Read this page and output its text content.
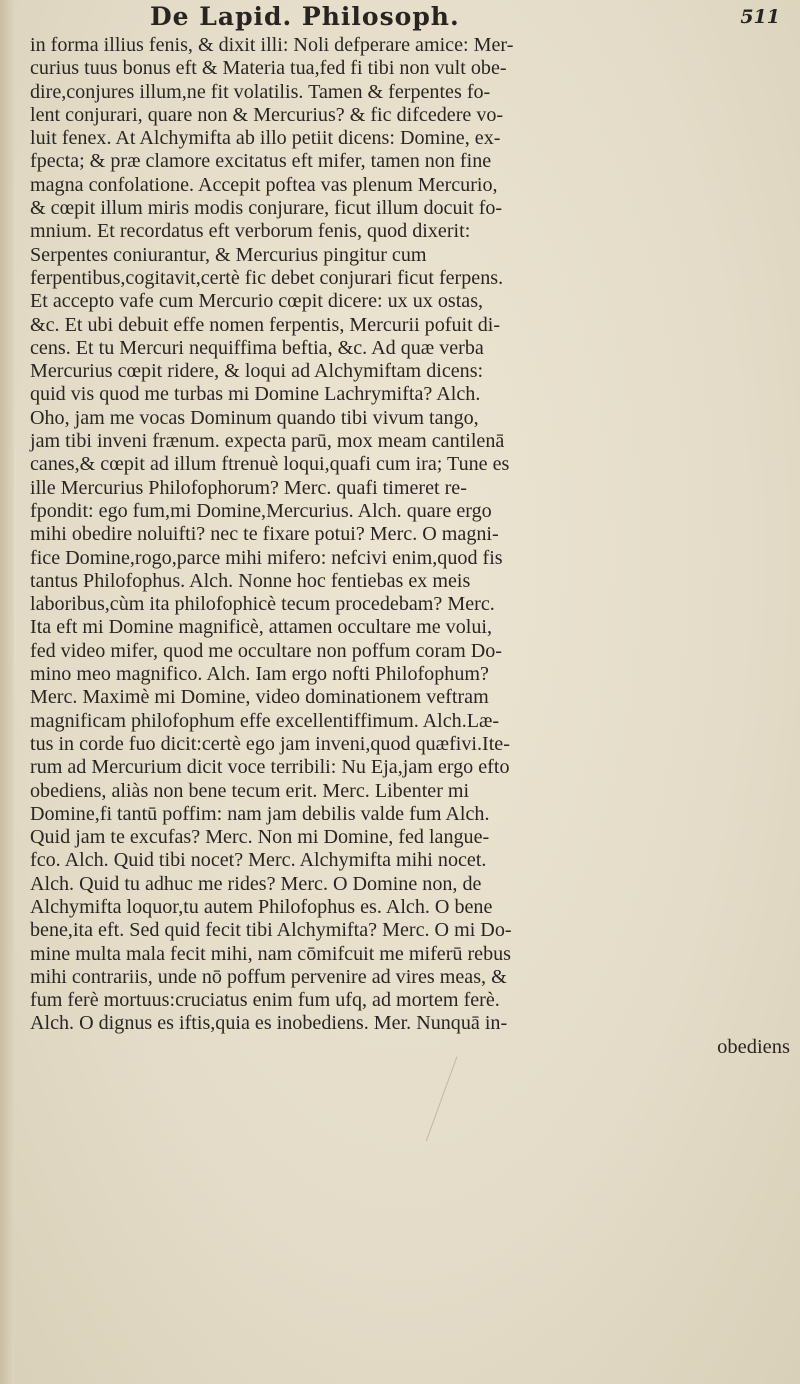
De Lapid. Philosoph.	511
in forma illius fenis, & dixit illi: Noli defperare amice: Mer-
curius tuus bonus eft & Materia tua,fed fi tibi non vult obe-
dire,conjures illum,ne fit volatilis. Tamen & ferpentes fo-
lent conjurari, quare non & Mercurius? & fic difcedere vo-
luit fenex. At Alchymifta ab illo petiit dicens: Domine, ex-
fpecta; & præ clamore excitatus eft mifer, tamen non fine
magna confolatione. Accepit poftea vas plenum Mercurio,
& cœpit illum miris modis conjurare, ficut illum docuit fo-
mnium. Et recordatus eft verborum fenis, quod dixerit:
Serpentes coniurantur, & Mercurius pingitur cum
ferpentibus,cogitavit,certè fic debet conjurari ficut ferpens.
Et accepto vafe cum Mercurio cœpit dicere: ux ux ostas,
&c. Et ubi debuit effe nomen ferpentis, Mercurii pofuit di-
cens. Et tu Mercuri nequiffima beftia, &c. Ad quæ verba
Mercurius cœpit ridere, & loqui ad Alchymiftam dicens:
quid vis quod me turbas mi Domine Lachrymifta? Alch.
Oho, jam me vocas Dominum quando tibi vivum tango,
jam tibi inveni frænum. expecta parū, mox meam cantilenā
canes,& cœpit ad illum ftrenuè loqui,quafi cum ira; Tune es
ille Mercurius Philofophorum? Merc. quafi timeret re-
fpondit: ego fum,mi Domine,Mercurius. Alch. quare ergo
mihi obedire noluifti? nec te fixare potui? Merc. O magni-
fice Domine,rogo,parce mihi mifero: nefcivi enim,quod fis
tantus Philofophus. Alch. Nonne hoc fentiebas ex meis
laboribus,cùm ita philofophicè tecum procedebam? Merc.
Ita eft mi Domine magnificè, attamen occultare me volui,
fed video mifer, quod me occultare non poffum coram Do-
mino meo magnifico. Alch. Iam ergo nofti Philofophum?
Merc. Maximè mi Domine, video dominationem veftram
magnificam philofophum effe excellentiffimum. Alch.Læ-
tus in corde fuo dicit:certè ego jam inveni,quod quæfivi.Ite-
rum ad Mercurium dicit voce terribili: Nu Eja,jam ergo efto
obediens, aliàs non bene tecum erit. Merc. Libenter mi
Domine,fi tantū poffim: nam jam debilis valde fum Alch.
Quid jam te excufas? Merc. Non mi Domine, fed langue-
fco. Alch. Quid tibi nocet? Merc. Alchymifta mihi nocet.
Alch. Quid tu adhuc me rides? Merc. O Domine non, de
Alchymifta loquor,tu autem Philofophus es. Alch. O bene
bene,ita eft. Sed quid fecit tibi Alchymifta? Merc. O mi Do-
mine multa mala fecit mihi, nam cōmifcuit me miferū rebus
mihi contrariis, unde nō poffum pervenire ad vires meas, &
fum ferè mortuus:cruciatus enim fum ufq, ad mortem ferè.
Alch. O dignus es iftis,quia es inobediens. Mer. Nunquā in-
obediens
